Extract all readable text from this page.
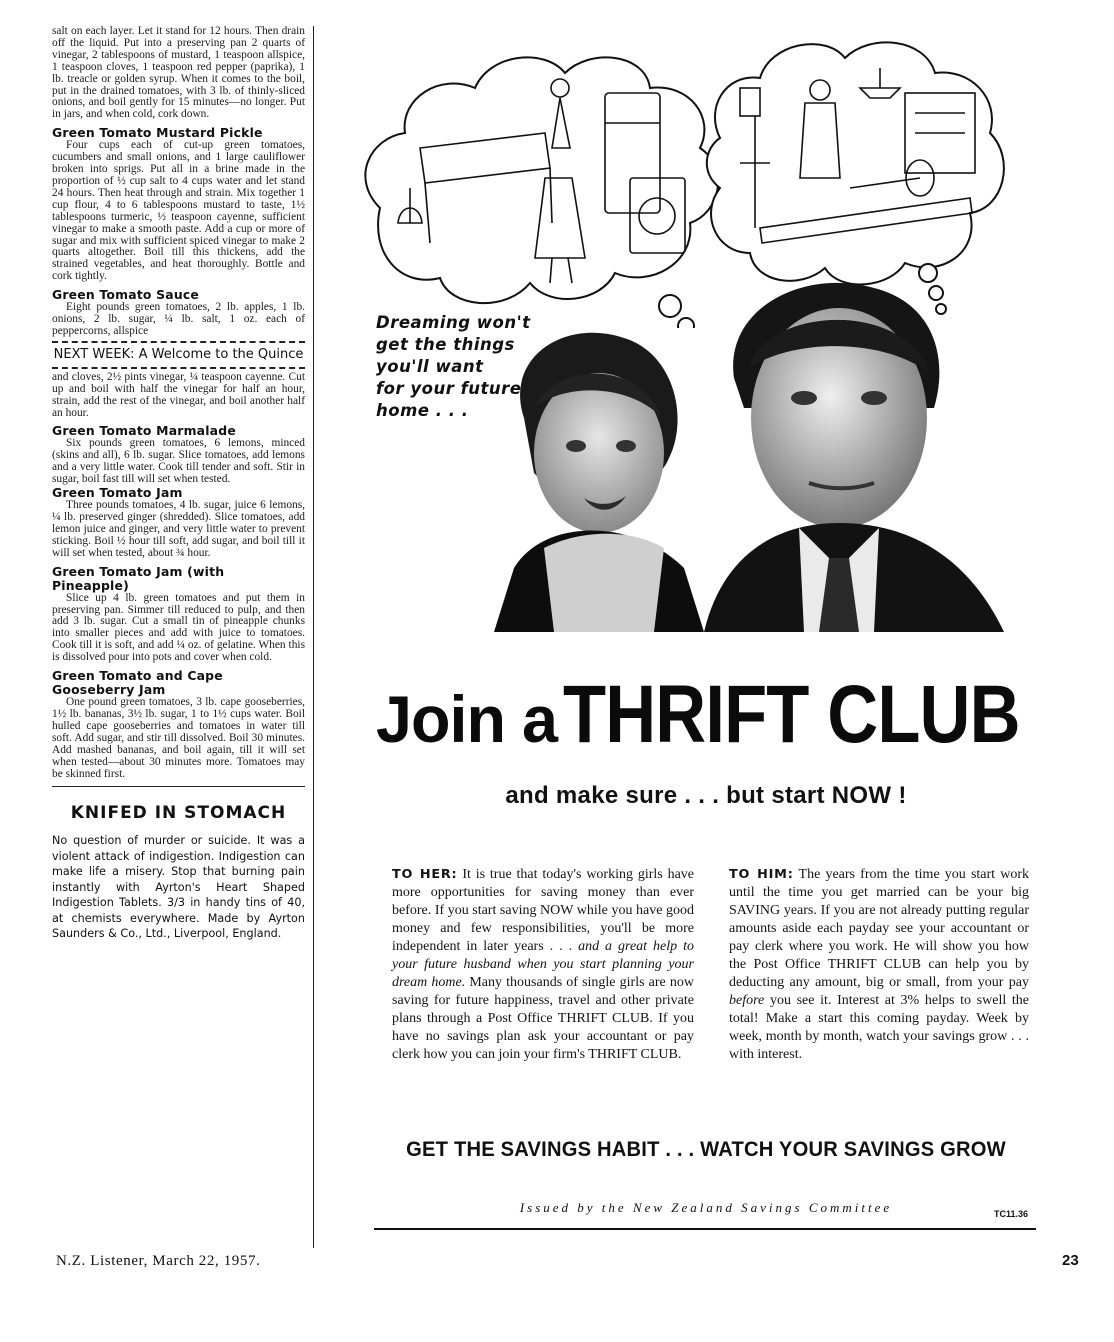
salt on each layer. Let it stand for 12 hours. Then drain off the liquid. Put into a preserving pan 2 quarts of vinegar, 2 tablespoons of mustard, 1 teaspoon allspice, 1 teaspoon cloves, 1 teaspoon red pepper (paprika), 1 lb. treacle or golden syrup. When it comes to the boil, put in the drained tomatoes, with 3 lb. of thinly-sliced onions, and boil gently for 15 minutes—no longer. Put in jars, and when cold, cork down.

Green Tomato Mustard Pickle

Four cups each of cut-up green tomatoes, cucumbers and small onions, and 1 large cauliflower broken into sprigs. Put all in a brine made in the proportion of ½ cup salt to 4 cups water and let stand 24 hours. Then heat through and strain. Mix together 1 cup flour, 4 to 6 tablespoons mustard to taste, 1½ tablespoons turmeric, ½ teaspoon cayenne, sufficient vinegar to make a smooth paste. Add a cup or more of sugar and mix with sufficient spiced vinegar to make 2 quarts altogether. Boil till this thickens, add the strained vegetables, and heat thoroughly. Bottle and cork tightly.

Green Tomato Sauce

Eight pounds green tomatoes, 2 lb. apples, 1 lb. onions, 2 lb. sugar, ¼ lb. salt, 1 oz. each of peppercorns, allspice

NEXT WEEK: A Welcome to the Quince

and cloves, 2½ pints vinegar, ¼ teaspoon cayenne. Cut up and boil with half the vinegar for half an hour, strain, add the rest of the vinegar, and boil another half an hour.

Green Tomato Marmalade

Six pounds green tomatoes, 6 lemons, minced (skins and all), 6 lb. sugar. Slice tomatoes, add lemons and a very little water. Cook till tender and soft. Stir in sugar, boil fast till will set when tested.

Green Tomato Jam

Three pounds tomatoes, 4 lb. sugar, juice 6 lemons, ¼ lb. preserved ginger (shredded). Slice tomatoes, add lemon juice and ginger, and very little water to prevent sticking. Boil ½ hour till soft, add sugar, and boil till it will set when tested, about ¾ hour.

Green Tomato Jam (with Pineapple)

Slice up 4 lb. green tomatoes and put them in preserving pan. Simmer till reduced to pulp, and then add 3 lb. sugar. Cut a small tin of pineapple chunks into smaller pieces and add with juice to tomatoes. Cook till it is soft, and add ¼ oz. of gelatine. When this is dissolved pour into pots and cover when cold.

Green Tomato and Cape Gooseberry Jam

One pound green tomatoes, 3 lb. cape gooseberries, 1½ lb. bananas, 3½ lb. sugar, 1 to 1½ cups water. Boil hulled cape gooseberries and tomatoes in water till soft. Add sugar, and stir till dissolved. Boil 30 minutes. Add mashed bananas, and boil again, till it will set when tested—about 30 minutes more. Tomatoes may be skinned first.

KNIFED IN STOMACH

No question of murder or suicide. It was a violent attack of indigestion. Indigestion can make life a misery. Stop that burning pain instantly with Ayrton's Heart Shaped Indigestion Tablets. 3/3 in handy tins of 40, at chemists everywhere. Made by Ayrton Saunders & Co., Ltd., Liverpool, England.

N.Z. Listener, March 22, 1957.	23
Dreaming won't
get the things
you'll want
for your future
home . . .
Join aTHRIFT CLUB
and make sure . . . but start NOW !
TO HER: It is true that today's working girls have more opportunities for saving money than ever before. If you start saving NOW while you have good money and few responsibilities, you'll be more independent in later years . . . and a great help to your future husband when you start planning your dream home. Many thousands of single girls are now saving for future happiness, travel and other private plans through a Post Office THRIFT CLUB. If you have no savings plan ask your accountant or pay clerk how you can join your firm's THRIFT CLUB.
TO HIM: The years from the time you start work until the time you get married can be your big SAVING years. If you are not already putting regular amounts aside each payday see your accountant or pay clerk where you work. He will show you how the Post Office THRIFT CLUB can help you by deducting any amount, big or small, from your pay before you see it. Interest at 3% helps to swell the total! Make a start this coming payday. Week by week, month by month, watch your savings grow . . . with interest.
GET THE SAVINGS HABIT . . . WATCH YOUR SAVINGS GROW
Issued by the New Zealand Savings Committee	TC11.36
